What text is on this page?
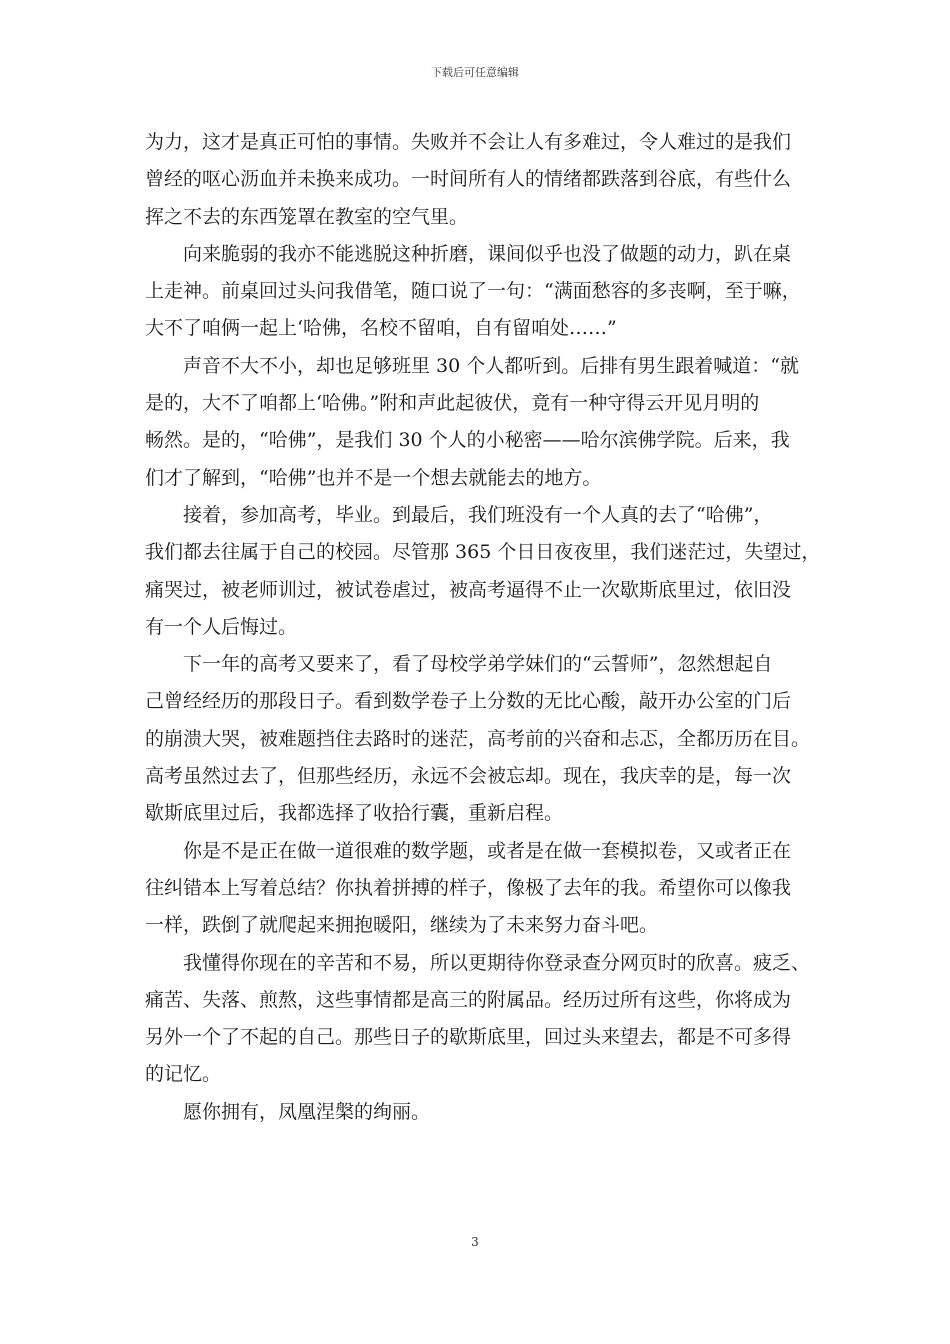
下载后可任意编辑
为力，这才是真正可怕的事情。失败并不会让人有多难过，令人难过的是我们
曾经的呕心沥血并未换来成功。一时间所有人的情绪都跌落到谷底，有些什么
挥之不去的东西笼罩在教室的空气里。
向来脆弱的我亦不能逃脱这种折磨，课间似乎也没了做题的动力，趴在桌
上走神。前桌回过头问我借笔，随口说了一句：“满面愁容的多丧啊，至于嘛，
大不了咱俩一起上‘哈佛，名校不留咱，自有留咱处……”
声音不大不小，却也足够班里 30 个人都听到。后排有男生跟着喊道：“就
是的，大不了咱都上‘哈佛。”附和声此起彼伏，竟有一种守得云开见月明的
畅然。是的，“哈佛”，是我们 30 个人的小秘密——哈尔滨佛学院。后来，我
们才了解到，“哈佛”也并不是一个想去就能去的地方。
接着，参加高考，毕业。到最后，我们班没有一个人真的去了“哈佛”，
我们都去往属于自己的校园。尽管那 365 个日日夜夜里，我们迷茫过，失望过，
痛哭过，被老师训过，被试卷虐过，被高考逼得不止一次歇斯底里过，依旧没
有一个人后悔过。
下一年的高考又要来了，看了母校学弟学妹们的“云誓师”，忽然想起自
己曾经经历的那段日子。看到数学卷子上分数的无比心酸，敲开办公室的门后
的崩溃大哭，被难题挡住去路时的迷茫，高考前的兴奋和忐忑，全都历历在目。
高考虽然过去了，但那些经历，永远不会被忘却。现在，我庆幸的是，每一次
歇斯底里过后，我都选择了收拾行囊，重新启程。
你是不是正在做一道很难的数学题，或者是在做一套模拟卷，又或者正在
往纠错本上写着总结？你执着拼搏的样子，像极了去年的我。希望你可以像我
一样，跌倒了就爬起来拥抱暖阳，继续为了未来努力奋斗吧。
我懂得你现在的辛苦和不易，所以更期待你登录查分网页时的欣喜。疲乏、
痛苦、失落、煎熬，这些事情都是高三的附属品。经历过所有这些，你将成为
另外一个了不起的自己。那些日子的歇斯底里，回过头来望去，都是不可多得
的记忆。
愿你拥有，凤凰涅槃的绚丽。
3
